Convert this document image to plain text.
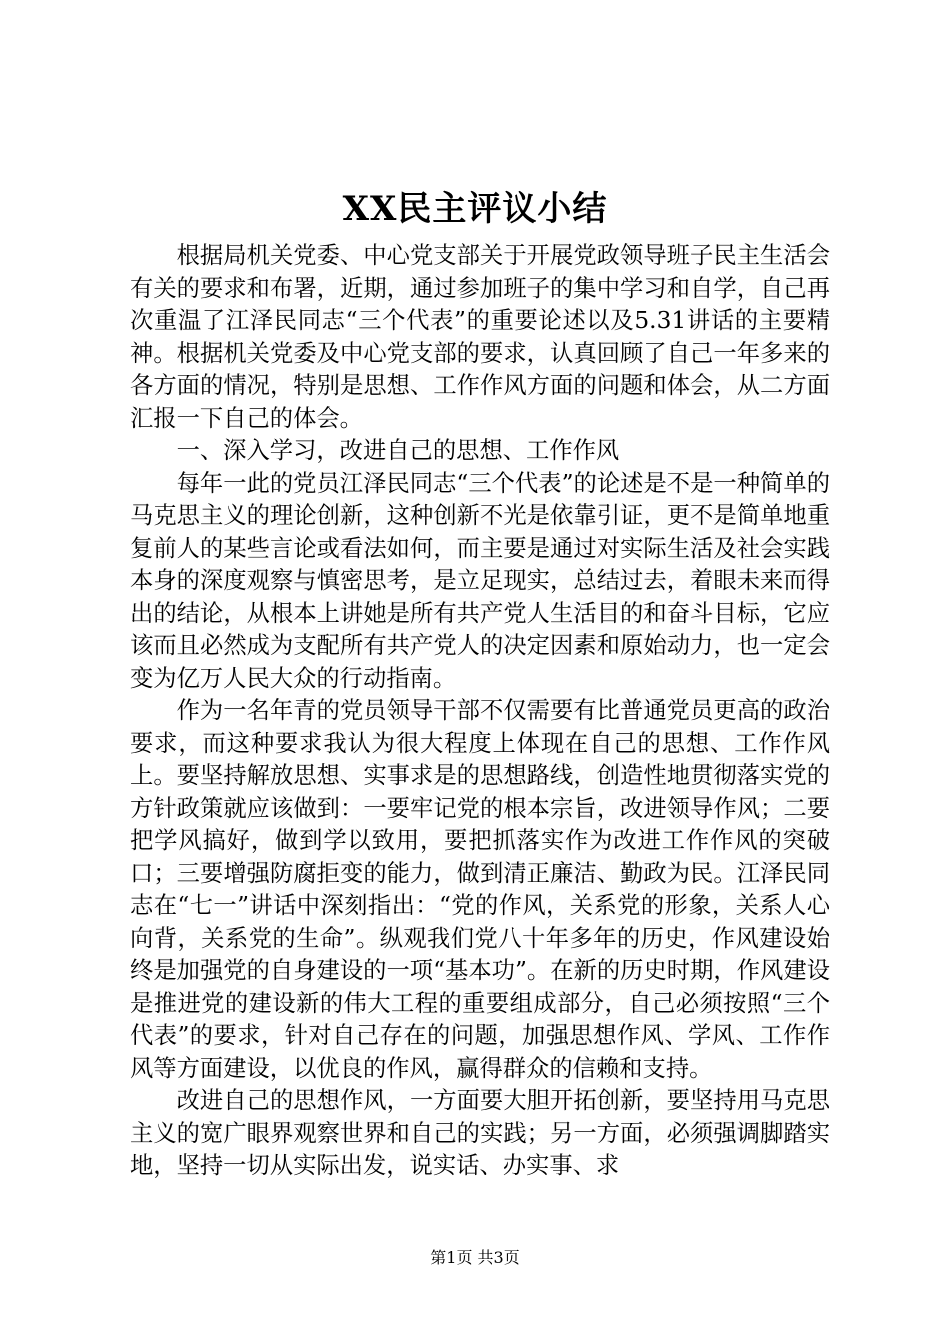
XX民主评议小结

根据局机关党委、中心党支部关于开展党政领导班子民主生活会有关的要求和布署，近期，通过参加班子的集中学习和自学，自己再次重温了江泽民同志“三个代表”的重要论述以及5.31讲话的主要精神。根据机关党委及中心党支部的要求，认真回顾了自己一年多来的各方面的情况，特别是思想、工作作风方面的问题和体会，从二方面汇报一下自己的体会。

一、深入学习，改进自己的思想、工作作风

每年一此的党员江泽民同志“三个代表”的论述是不是一种简单的马克思主义的理论创新，这种创新不光是依靠引证，更不是简单地重复前人的某些言论或看法如何，而主要是通过对实际生活及社会实践本身的深度观察与慎密思考，是立足现实，总结过去，着眼未来而得出的结论，从根本上讲她是所有共产党人生活目的和奋斗目标，它应该而且必然成为支配所有共产党人的决定因素和原始动力，也一定会变为亿万人民大众的行动指南。

作为一名年青的党员领导干部不仅需要有比普通党员更高的政治要求，而这种要求我认为很大程度上体现在自己的思想、工作作风上。要坚持解放思想、实事求是的思想路线，创造性地贯彻落实党的方针政策就应该做到：一要牢记党的根本宗旨，改进领导作风；二要把学风搞好，做到学以致用，要把抓落实作为改进工作作风的突破口；三要增强防腐拒变的能力，做到清正廉洁、勤政为民。江泽民同志在“七一”讲话中深刻指出：“党的作风，关系党的形象，关系人心向背，关系党的生命”。纵观我们党八十年多年的历史，作风建设始终是加强党的自身建设的一项“基本功”。在新的历史时期，作风建设是推进党的建设新的伟大工程的重要组成部分，自己必须按照“三个代表”的要求，针对自己存在的问题，加强思想作风、学风、工作作风等方面建设，以优良的作风，赢得群众的信赖和支持。

改进自己的思想作风，一方面要大胆开拓创新，要坚持用马克思主义的宽广眼界观察世界和自己的实践；另一方面，必须强调脚踏实地，坚持一切从实际出发，说实话、办实事、求

第1页 共3页
